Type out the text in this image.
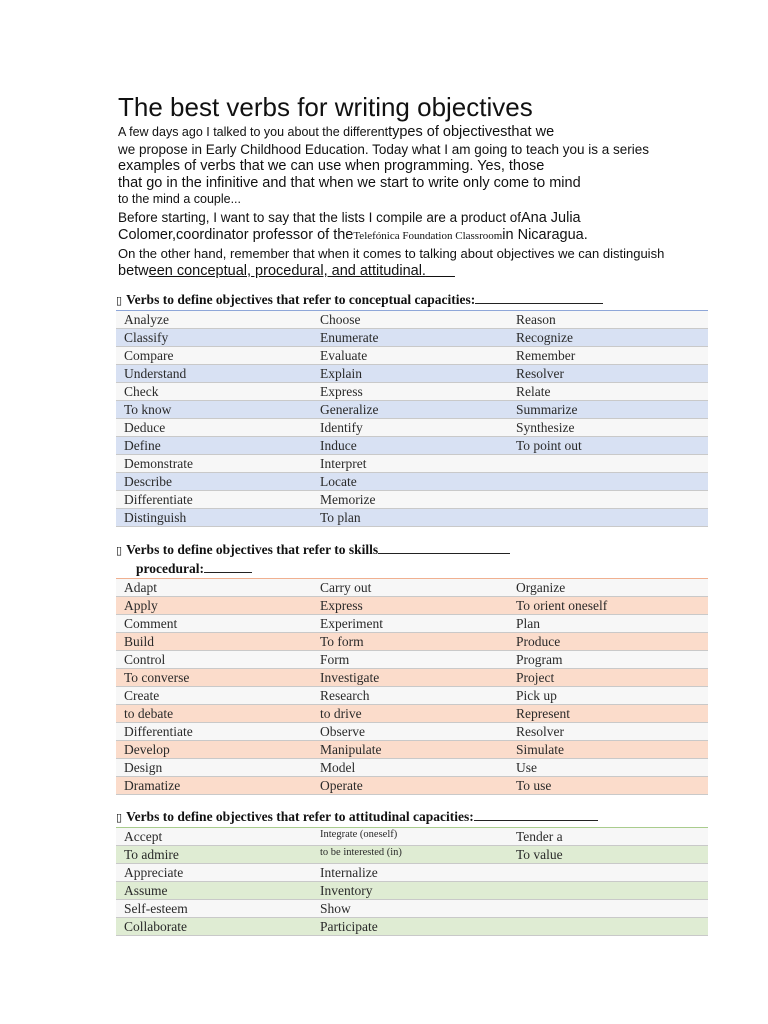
The best verbs for writing objectives
A few days ago I talked to you about the differenttypes of objectivesthat we
we propose in Early Childhood Education. Today what I am going to teach you is a series
examples of verbs that we can use when programming. Yes, those
that go in the infinitive and that when we start to write only come to mind
to the mind a couple...
Before starting, I want to say that the lists I compile are a product ofAna Julia
Colomer,coordinator professor of theTelefónica Foundation Classroomin Nicaragua.
On the other hand, remember that when it comes to talking about objectives we can distinguish
between conceptual, procedural, and attitudinal.    
▯ Verbs to define objectives that refer to conceptual capacities:
Analyze	Choose	Reason
Classify	Enumerate	Recognize
Compare	Evaluate	Remember
Understand	Explain	Resolver
Check	Express	Relate
To know	Generalize	Summarize
Deduce	Identify	Synthesize
Define	Induce	To point out
Demonstrate	Interpret	
Describe	Locate	
Differentiate	Memorize	
Distinguish	To plan	
▯ Verbs to define objectives that refer to skills
procedural:
Adapt	Carry out	Organize
Apply	Express	To orient oneself
Comment	Experiment	Plan
Build	To form	Produce
Control	Form	Program
To converse	Investigate	Project
Create	Research	Pick up
to debate	to drive	Represent
Differentiate	Observe	Resolver
Develop	Manipulate	Simulate
Design	Model	Use
Dramatize	Operate	To use
▯ Verbs to define objectives that refer to attitudinal capacities:
Accept	Integrate (oneself)	Tender a
To admire	to be interested (in)	To value
Appreciate	Internalize	
Assume	Inventory	
Self-esteem	Show	
Collaborate	Participate	
